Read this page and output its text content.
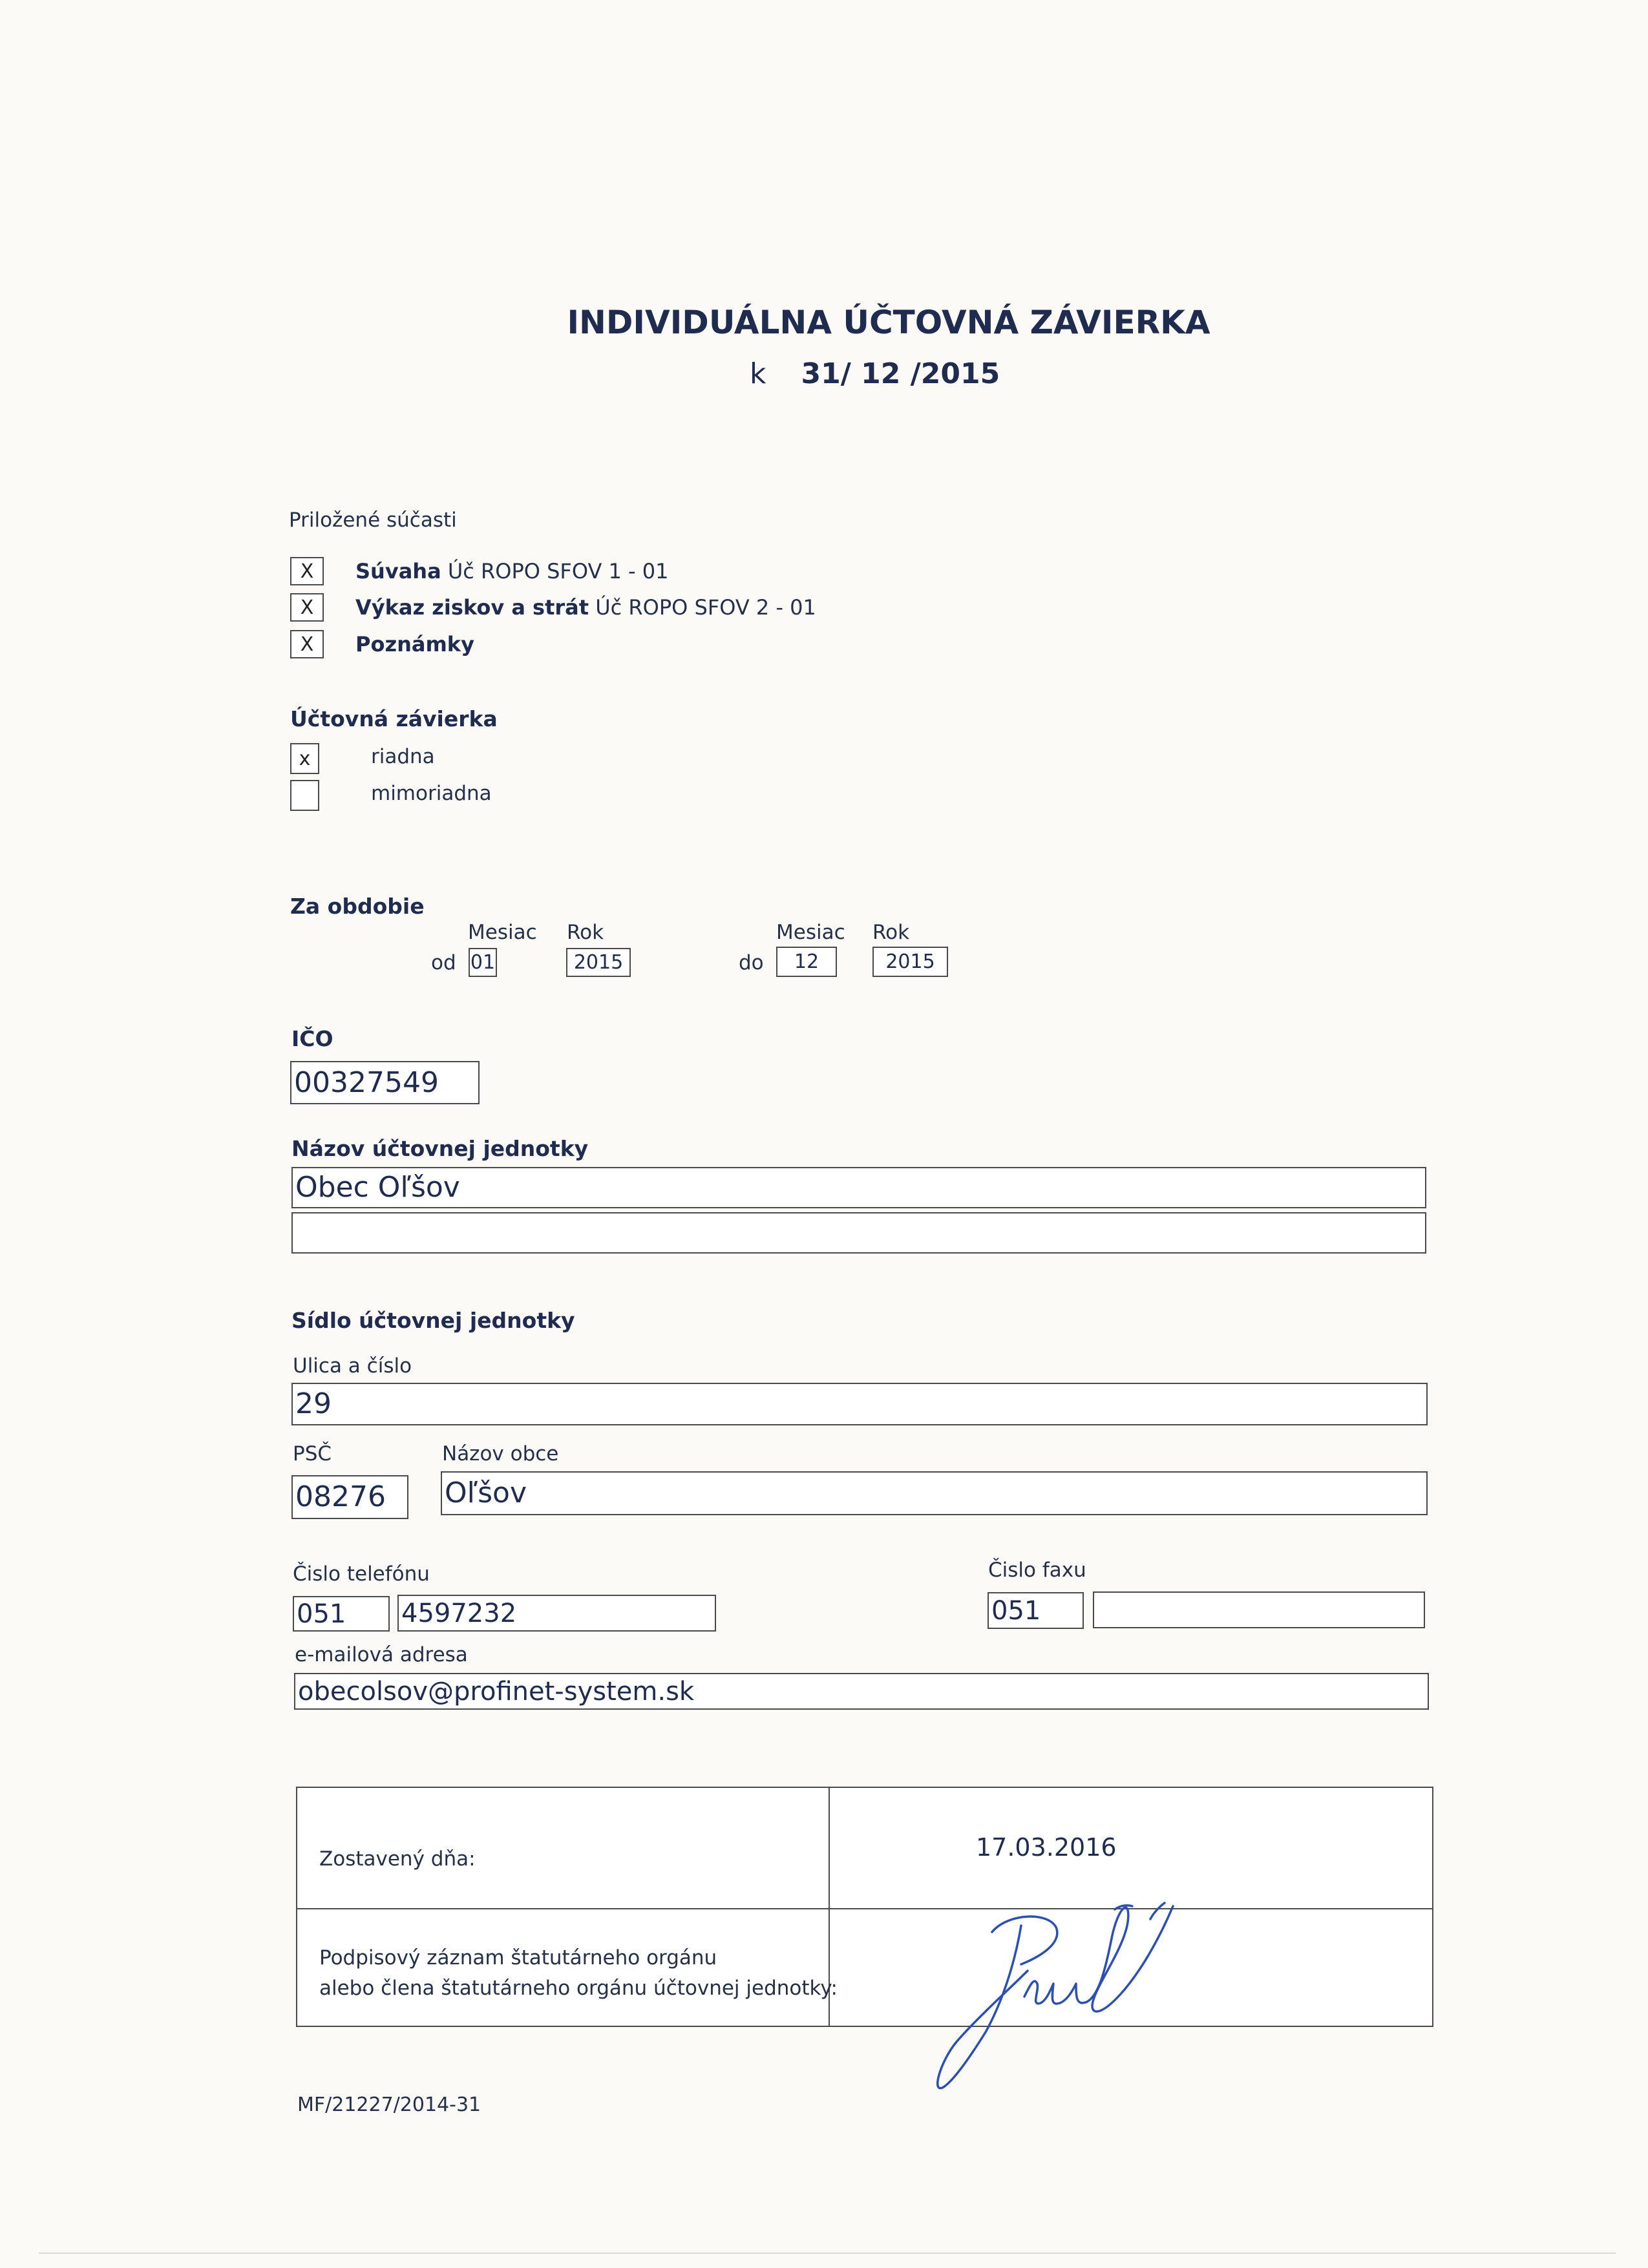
INDIVIDUÁLNA ÚČTOVNÁ ZÁVIERKA
k 31/ 12 /2015
Priložené súčasti
X	Súvaha Úč ROPO SFOV 1 - 01
X	Výkaz ziskov a strát Úč ROPO SFOV 2 - 01
X	Poznámky
Účtovná závierka
x	riadna
mimoriadna
Za obdobie
Mesiac Rok	Mesiac Rok
od 01	2015	do	12	2015
IČO
00327549
Názov účtovnej jednotky
Obec Oľšov
Sídlo účtovnej jednotky
Ulica a číslo
29
PSČ	Názov obce
08276	Oľšov
Čislo telefónu	Čislo faxu
051	4597232	051
e-mailová adresa
obecolsov@profinet-system.sk
Zostavený dňa:	17.03.2016
Podpisový záznam štatutárneho orgánu
alebo člena štatutárneho orgánu účtovnej jednotky:
MF/21227/2014-31
